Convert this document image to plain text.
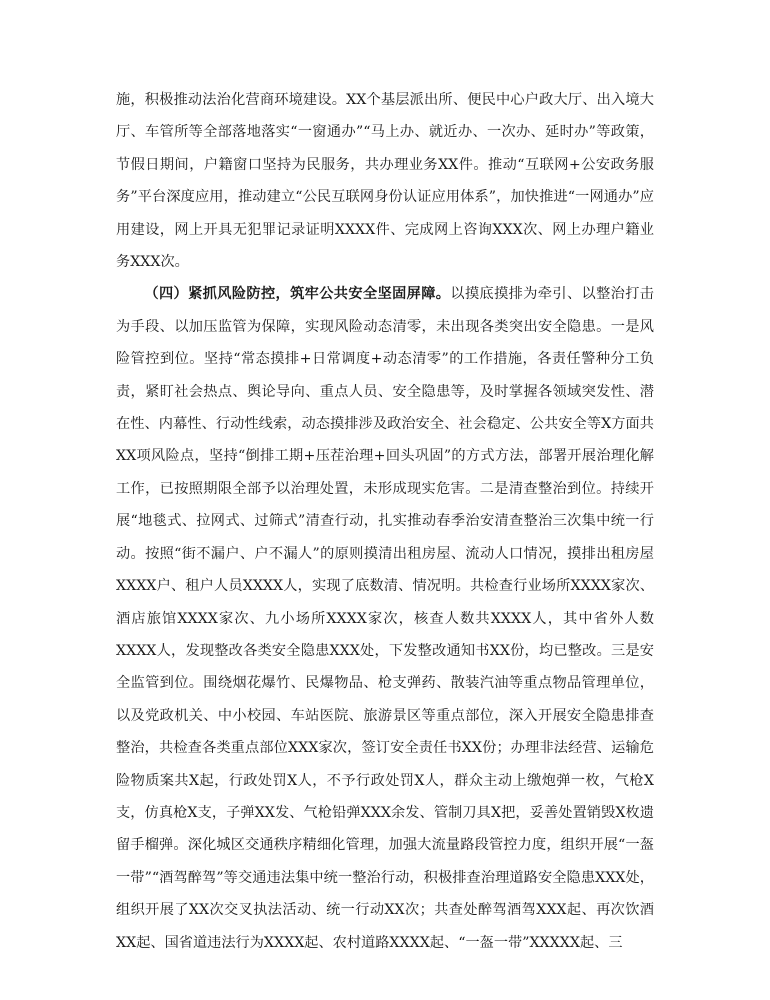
施，积极推动法治化营商环境建设。XX个基层派出所、便民中心户政大厅、出入境大厅、车管所等全部落地落实“一窗通办”“马上办、就近办、一次办、延时办”等政策，节假日期间，户籍窗口坚持为民服务，共办理业务XX件。推动“互联网+公安政务服务”平台深度应用，推动建立“公民互联网身份认证应用体系”，加快推进“一网通办”应用建设，网上开具无犯罪记录证明XXXX件、完成网上咨询XXX次、网上办理户籍业务XXX次。

（四）紧抓风险防控，筑牢公共安全坚固屏障。以摸底摸排为牵引、以整治打击为手段、以加压监管为保障，实现风险动态清零，未出现各类突出安全隐患。一是风险管控到位。坚持“常态摸排+日常调度+动态清零”的工作措施，各责任警种分工负责，紧盯社会热点、舆论导向、重点人员、安全隐患等，及时掌握各领域突发性、潜在性、内幕性、行动性线索，动态摸排涉及政治安全、社会稳定、公共安全等X方面共XX项风险点，坚持“倒排工期+压茬治理+回头巩固”的方式方法，部署开展治理化解工作，已按照期限全部予以治理处置，未形成现实危害。二是清查整治到位。持续开展“地毯式、拉网式、过筛式”清查行动，扎实推动春季治安清查整治三次集中统一行动。按照“街不漏户、户不漏人”的原则摸清出租房屋、流动人口情况，摸排出租房屋XXXX户、租户人员XXXX人，实现了底数清、情况明。共检查行业场所XXXX家次、酒店旅馆XXXX家次、九小场所XXXX家次，核查人数共XXXX人，其中省外人数XXXX人，发现整改各类安全隐患XXX处，下发整改通知书XX份，均已整改。三是安全监管到位。围绕烟花爆竹、民爆物品、枪支弹药、散装汽油等重点物品管理单位，以及党政机关、中小校园、车站医院、旅游景区等重点部位，深入开展安全隐患排查整治，共检查各类重点部位XXX家次，签订安全责任书XX份；办理非法经营、运输危险物质案共X起，行政处罚X人，不予行政处罚X人，群众主动上缴炮弹一枚，气枪X支，仿真枪X支，子弹XX发、气枪铅弹XXX余发、管制刀具X把，妥善处置销毁X枚遗留手榴弹。深化城区交通秩序精细化管理，加强大流量路段管控力度，组织开展“一盔一带”“酒驾醉驾”等交通违法集中统一整治行动，积极排查治理道路安全隐患XXX处，组织开展了XX次交叉执法活动、统一行动XX次；共查处醉驾酒驾XXX起、再次饮酒XX起、国省道违法行为XXXX起、农村道路XXXX起、“一盔一带”XXXXX起、三
